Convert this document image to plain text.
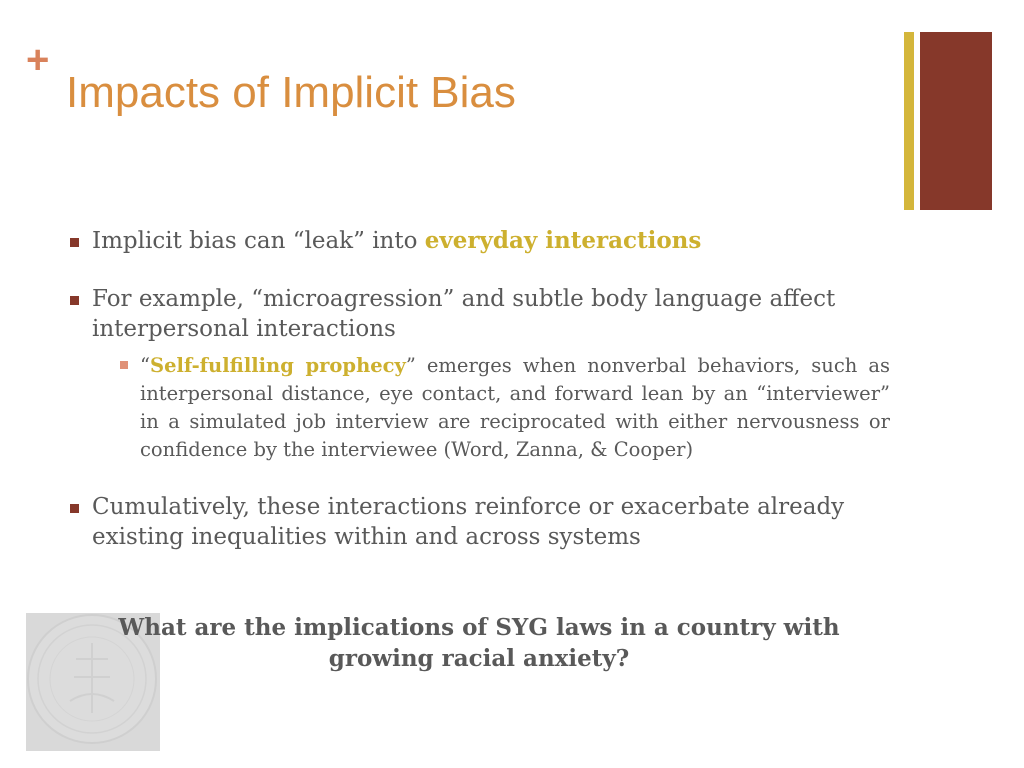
+
Impacts of Implicit Bias
Implicit bias can “leak” into everyday interactions
For example, “microagression” and subtle body language affect interpersonal interactions
“Self-fulfilling prophecy” emerges when nonverbal behaviors, such as interpersonal distance, eye contact, and forward lean by an “interviewer” in a simulated job interview are reciprocated with either nervousness or confidence by the interviewee (Word, Zanna, & Cooper)
Cumulatively, these interactions reinforce or exacerbate already existing inequalities within and across systems
What are the implications of SYG laws in a country with growing racial anxiety?
